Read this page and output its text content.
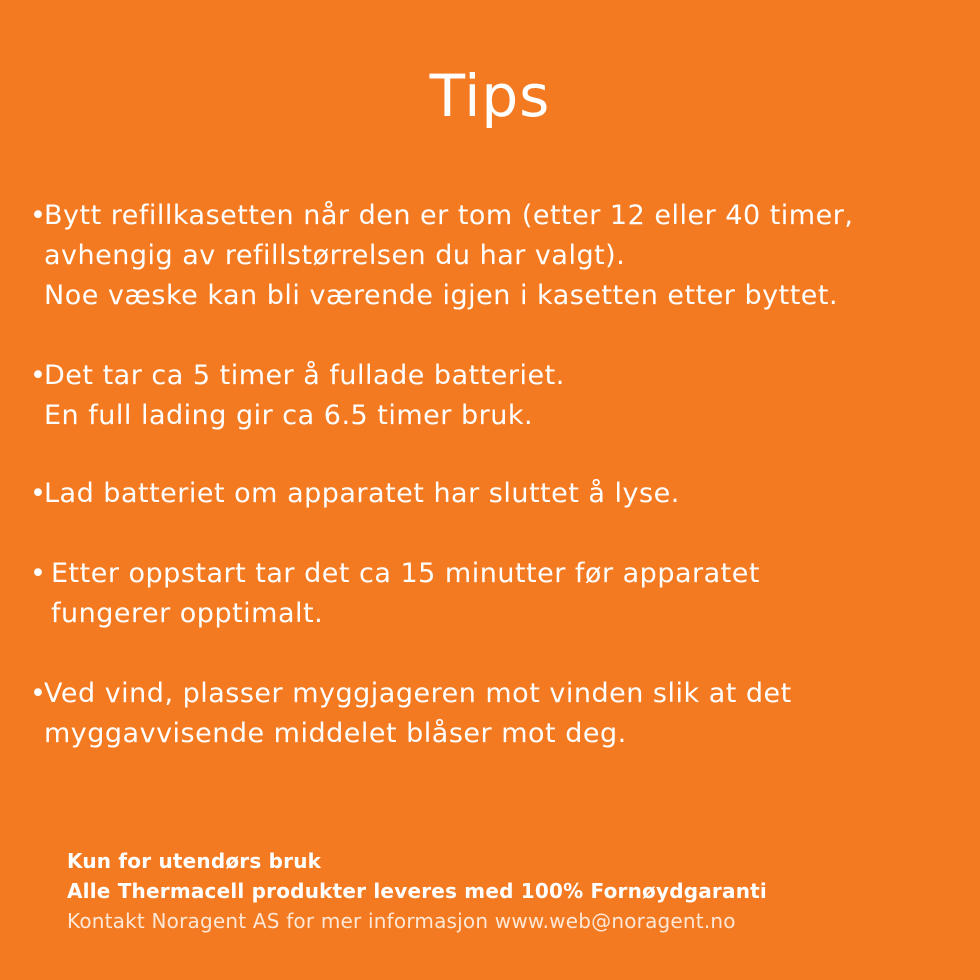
Tips
•Bytt refillkasetten når den er tom (etter 12 eller 40 timer,
avhengig av refillstørrelsen du har valgt).
Noe væske kan bli værende igjen i kasetten etter byttet.
•Det tar ca 5 timer å fullade batteriet.
En full lading gir ca 6.5 timer bruk.
•Lad batteriet om apparatet har sluttet å lyse.
• Etter oppstart tar det ca 15 minutter før apparatet
fungerer opptimalt.
•Ved vind, plasser myggjageren mot vinden slik at det
myggavvisende middelet blåser mot deg.
Kun for utendørs bruk
Alle Thermacell produkter leveres med 100% Fornøydgaranti
Kontakt Noragent AS for mer informasjon www.web@noragent.no
